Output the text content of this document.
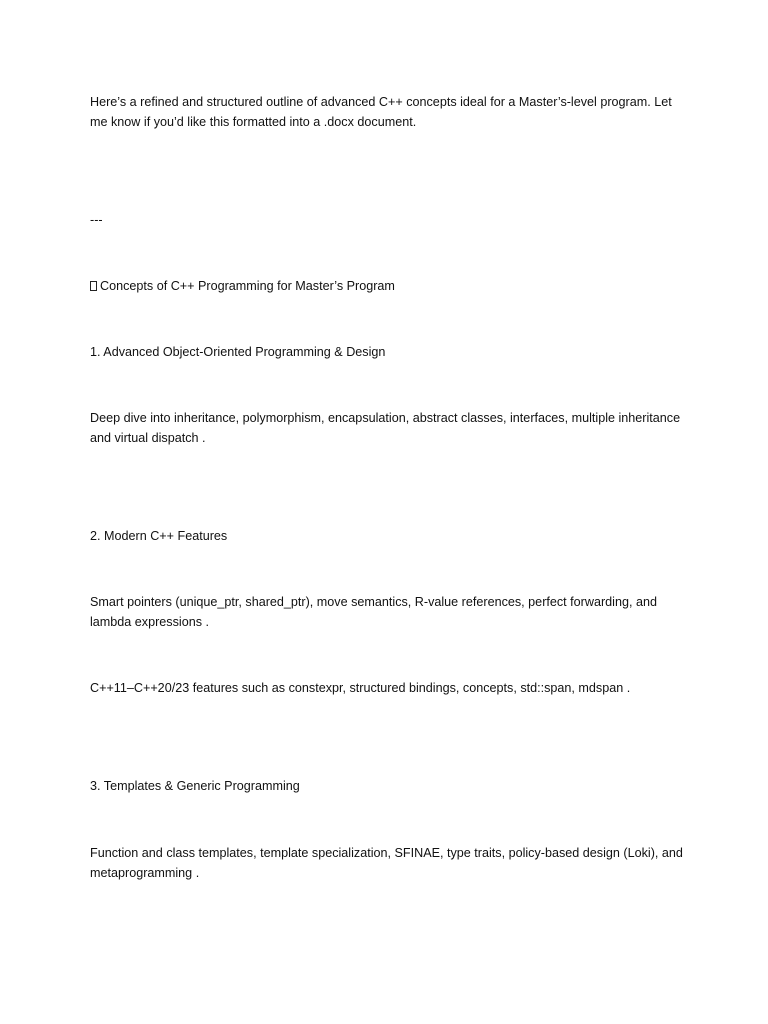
Here’s a refined and structured outline of advanced C++ concepts ideal for a Master’s-level program. Let me know if you’d like this formatted into a .docx document.

---

Concepts of C++ Programming for Master’s Program

1. Advanced Object-Oriented Programming & Design

Deep dive into inheritance, polymorphism, encapsulation, abstract classes, interfaces, multiple inheritance and virtual dispatch .

2. Modern C++ Features

Smart pointers (unique_ptr, shared_ptr), move semantics, R-value references, perfect forwarding, and lambda expressions .

C++11–C++20/23 features such as constexpr, structured bindings, concepts, std::span, mdspan .

3. Templates & Generic Programming

Function and class templates, template specialization, SFINAE, type traits, policy-based design (Loki), and metaprogramming .
